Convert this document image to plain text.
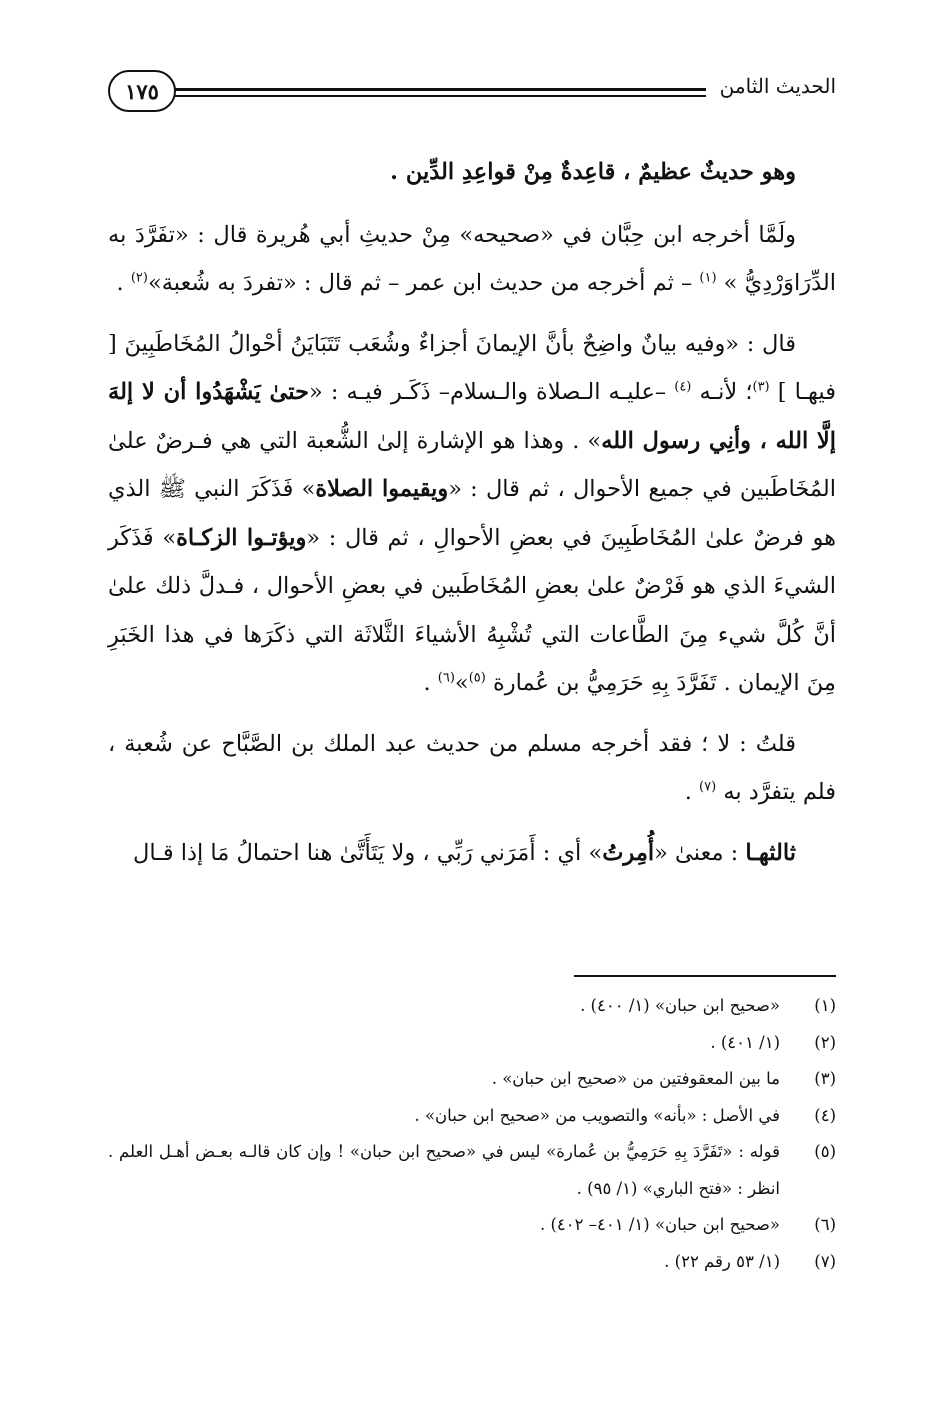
١٧٥	الحديث الثامن

وهو حديثٌ عظيمٌ ، قاعِدةٌ مِنْ قواعِدِ الدِّين .

ولَمَّا أخرجه ابن حِبَّان في «صحيحه» مِنْ حديثِ أبي هُريرة قال : «تفَرَّدَ به الدِّرَاوَرْدِيُّ » $^{(١)}$ – ثم أخرجه من حديث ابن عمر – ثم قال : «تفردَ به شُعبة»$^{(٢)}$ .

قال : «وفيه بيانٌ واضِحٌ بأنَّ الإيمانَ أجزاءٌ وشُعَب تَتَبَايَنُ أحْوالُ المُخَاطَبِينَ [ فيهـا ] $^{(٣)}$؛ لأنـه $^{(٤)}$ –عليـه الـصلاة والـسلام– ذَكَـر فيـه : «حتىٰ يَشْهَدُوا أن لا إلهَ إلَّا الله ، وأنِي رسول الله» . وهذا هو الإشارة إلىٰ الشُّعبة التي هي فـرضٌ علىٰ المُخَاطَبين في جميع الأحوال ، ثم قال : «ويقيموا الصلاة» فَذَكَرَ النبي ﷺ الذي هو فرضٌ علىٰ المُخَاطَبِينَ في بعضِ الأحوالِ ، ثم قال : «ويؤتـوا الزكـاة» فَذَكَر الشيءَ الذي هو فَرْضٌ علىٰ بعضِ المُخَاطَبين في بعضِ الأحوال ، فـدلَّ ذلك علىٰ أنَّ كُلَّ شيء مِنَ الطَّاعات التي تُشْبِهُ الأشياءَ الثَّلاثَة التي ذكَرَها في هذا الخَبَرِ مِنَ الإيمان . تَفَرَّدَ بِهِ حَرَمِيُّ بن عُمارة $^{(٥)}$»$^{(٦)}$ .

قلتُ : لا ؛ فقد أخرجه مسلم من حديث عبد الملك بن الصَّبَّاح عن شُعبة ، فلم يتفرَّد به $^{(٧)}$ .

ثالثهـا : معنىٰ «أُمِرتُ» أي : أَمَرَني رَبِّي ، ولا يَتَأَتَّىٰ هنا احتمالُ مَا إذا قـال

(١)
«صحيح ابن حبان» (١/ ٤٠٠) .
(٢)
(١/ ٤٠١) .
(٣)
ما بين المعقوفتين من «صحيح ابن حبان» .
(٤)
في الأصل : «بأنه» والتصويب من «صحيح ابن حبان» .
(٥)
قوله : «تَفَرَّدَ بِهِ حَرَمِيُّ بن عُمارة» ليس في «صحيح ابن حبان» ! وإن كان قالـه بعـض أهـل العلم . انظر : «فتح الباري» (١/ ٩٥) .
(٦)
«صحيح ابن حبان» (١/ ٤٠١– ٤٠٢) .
(٧)
(١/ ٥٣ رقم ٢٢) .
